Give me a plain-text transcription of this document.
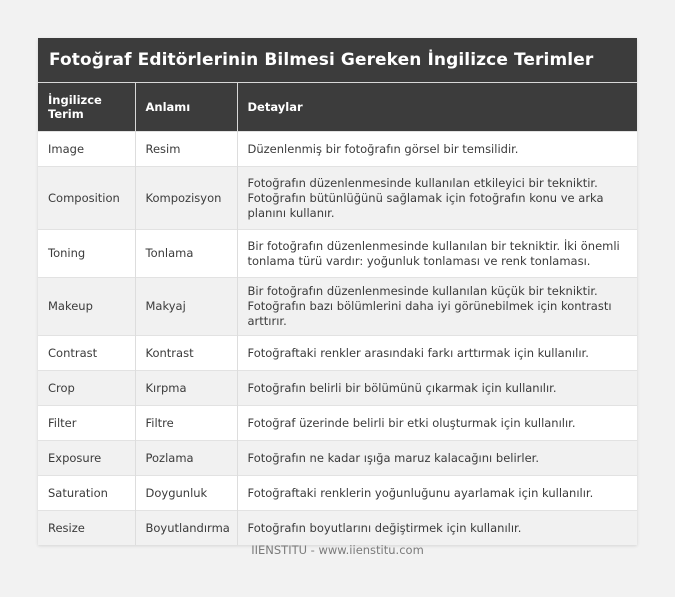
Fotoğraf Editörlerinin Bilmesi Gereken İngilizce Terimler
İngilizce Terim	Anlamı	Detaylar
Image	Resim	Düzenlenmiş bir fotoğrafın görsel bir temsilidir.
Composition	Kompozisyon	Fotoğrafın düzenlenmesinde kullanılan etkileyici bir tekniktir. Fotoğrafın bütünlüğünü sağlamak için fotoğrafın konu ve arka planını kullanır.
Toning	Tonlama	Bir fotoğrafın düzenlenmesinde kullanılan bir tekniktir. İki önemli tonlama türü vardır: yoğunluk tonlaması ve renk tonlaması.
Makeup	Makyaj	Bir fotoğrafın düzenlenmesinde kullanılan küçük bir tekniktir. Fotoğrafın bazı bölümlerini daha iyi görünebilmek için kontrastı arttırır.
Contrast	Kontrast	Fotoğraftaki renkler arasındaki farkı arttırmak için kullanılır.
Crop	Kırpma	Fotoğrafın belirli bir bölümünü çıkarmak için kullanılır.
Filter	Filtre	Fotoğraf üzerinde belirli bir etki oluşturmak için kullanılır.
Exposure	Pozlama	Fotoğrafın ne kadar ışığa maruz kalacağını belirler.
Saturation	Doygunluk	Fotoğraftaki renklerin yoğunluğunu ayarlamak için kullanılır.
Resize	Boyutlandırma	Fotoğrafın boyutlarını değiştirmek için kullanılır.
IIENSTITU - www.iienstitu.com
